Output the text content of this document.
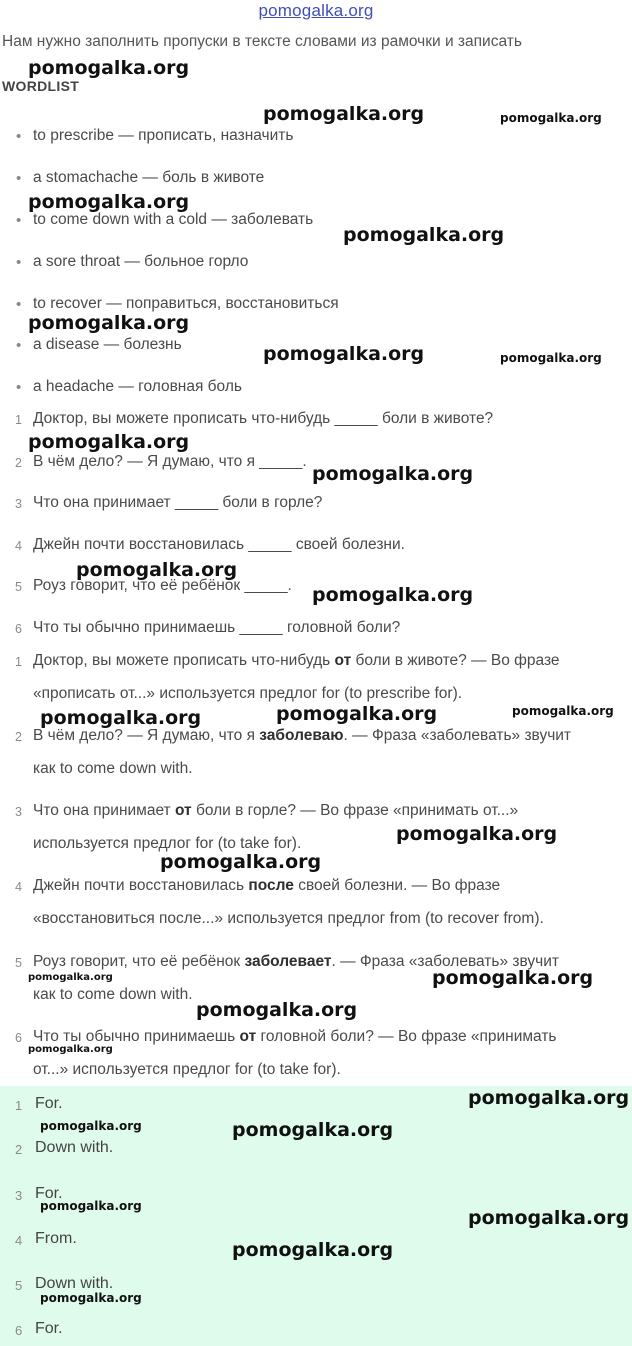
pomogalka.org
Нам нужно заполнить пропуски в тексте словами из рамочки и записать
WORDLIST
• to prescribe — прописать, назначить
• a stomachache — боль в животе
• to come down with a cold — заболевать
• a sore throat — больное горло
• to recover — поправиться, восстановиться
• a disease — болезнь
• a headache — головная боль
1 Доктор, вы можете прописать что-нибудь _____ боли в животе?
2 В чём дело? — Я думаю, что я _____.
3 Что она принимает _____ боли в горле?
4 Джейн почти восстановилась _____ своей болезни.
5 Роуз говорит, что её ребёнок _____.
6 Что ты обычно принимаешь _____ головной боли?
1 Доктор, вы можете прописать что-нибудь от боли в животе? — Во фразе
«прописать от...» используется предлог for (to prescribe for).
2 В чём дело? — Я думаю, что я заболеваю. — Фраза «заболевать» звучит
как to come down with.
3 Что она принимает от боли в горле? — Во фразе «принимать от...»
используется предлог for (to take for).
4 Джейн почти восстановилась после своей болезни. — Во фразе
«восстановиться после...» используется предлог from (to recover from).
5 Роуз говорит, что её ребёнок заболевает. — Фраза «заболевать» звучит
как to come down with.
6 Что ты обычно принимаешь от головной боли? — Во фразе «принимать
от...» используется предлог for (to take for).
1 For.
2 Down with.
3 For.
4 From.
5 Down with.
6 For.
pomogalka.org
pomogalka.org	pomogalka.org
pomogalka.org
pomogalka.org
pomogalka.org
pomogalka.org	pomogalka.org
pomogalka.org
pomogalka.org
pomogalka.org
pomogalka.org
pomogalka.org	pomogalka.org	pomogalka.org
pomogalka.org
pomogalka.org
pomogalka.org	pomogalka.org
pomogalka.org
pomogalka.org
pomogalka.org
pomogalka.org	pomogalka.org
pomogalka.org
pomogalka.org
pomogalka.org
pomogalka.org
